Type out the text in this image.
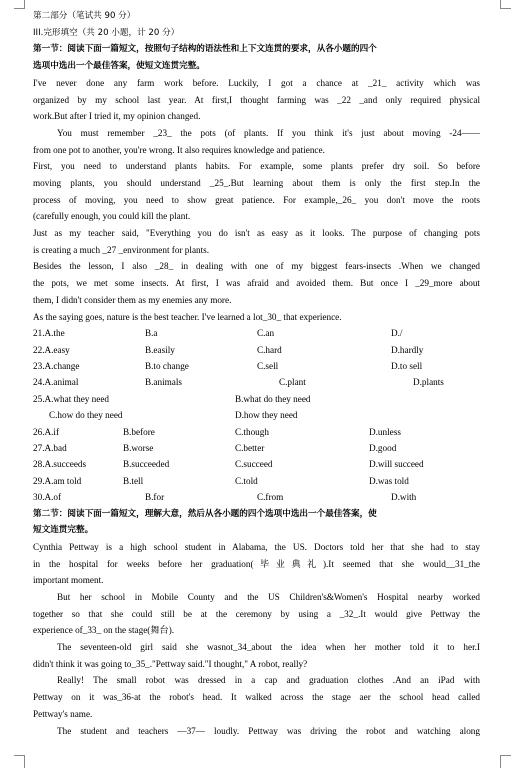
第二部分（笔试共 90 分）
III.完形填空（共 20 小题，计 20 分）
第一节：阅读下面一篇短文，按照句子结构的语法性和上下文连贯的要求，从各小题的四个
选项中选出一个最佳答案，使短文连贯完整。
I've never done any farm work before. Luckily, I got a chance at _21_ activity which was
organized by my school last year. At first,I thought farming was _22 _and only required physical
work.But after I tried it, my opinion changed.
You must remember _23_ the pots (of plants. If you think it's just about moving -24——
from one pot to another, you're wrong. It also requires knowledge and patience.
First, you need to understand plants habits. For example, some plants prefer dry soil. So before
moving plants, you should understand _25_.But learning about them is only the first step.In the
process of moving, you need to show great patience. For example,_26_ you don't move the roots
(carefully enough, you could kill the plant.
Just as my teacher said, "Everything you do isn't as easy as it looks. The purpose of changing pots
is creating a much _27 _environment for plants.
Besides the lesson, I also _28_ in dealing with one of my biggest fears-insects .When we changed
the pots, we met some insects. At first, I was afraid and avoided them. But once I _29_more about
them, I didn't consider them as my enemies any more.
As the saying goes, nature is the best teacher. I've learned a lot_30_ that experience.
21.A.the	B.a	C.an	D./
22.A.easy	B.easily	C.hard	D.hardly
23.A.change	B.to change	C.sell	D.to sell
24.A.animal	B.animals	C.plant	D.plants
25.A.what they need	B.what do they need
C.how do they need	D.how they need
26.A.if	B.before	C.though	D.unless
27.A.bad	B.worse	C.better	D.good
28.A.succeeds	B.succeeded	C.succeed	D.will succeed
29.A.am told	B.tell	C.told	D.was told
30.A.of	B.for	C.from	D.with
第二节：阅读下面一篇短文，理解大意，然后从各小题的四个选项中选出一个最佳答案，使
短文连贯完整。
Cynthia Pettway is a high school student in Alabama, the US. Doctors told her that she had to stay
in the hospital for weeks before her graduation(毕业典礼).It seemed that she would__31_the
important moment.
But her school in Mobile County and the US Children's&Women's Hospital nearby worked
together so that she could still be at the ceremony by using a _32_.It would give Pettway the
experience of_33_ on the stage(舞台).
The seventeen-old girl said she wasnot_34_about the idea when her mother told it to her.I
didn't think it was going to_35_."Pettway said."I thought," A robot, really?
Really! The small robot was dressed in a cap and graduation clothes .And an iPad with
Pettway on it was_36-at the robot's head. It walked across the stage aer the school head called
Pettway's name.
The student and teachers —37— loudly. Pettway was driving the robot and watching along
